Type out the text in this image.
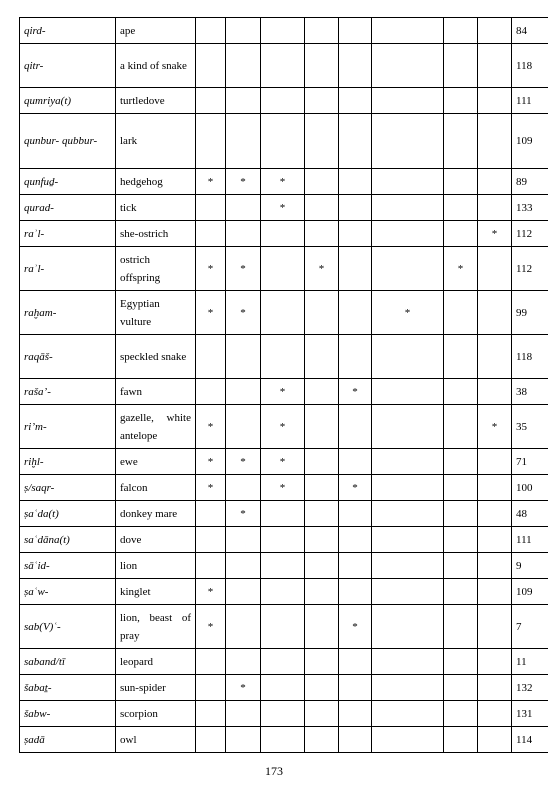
qird-	ape									84
qitr-	a kind of snake									118
qumriya(t)	turtledove									111
qunbur- qubbur-	lark									109
qunfuḏ-	hedgehog	*	*	*						89
qurad-	tick			*						133
raʾl-	she-ostrich								*	112
raʾl-	ostrich offspring	*	*		*			*		112
raḫam-	Egyptian vulture	*	*				*			99
raqāš-	speckled snake									118
raša’-	fawn			*		*				38
ri’m-	gazelle, white antelope	*		*					*	35
riḫl-	ewe	*	*	*						71
ṣ/saqr-	falcon	*		*		*				100
ṣaʿda(t)	donkey mare		*							48
saʿdāna(t)	dove									111
sāʿid-	lion									9
ṣaʿw-	kinglet	*								109
sab(V)ʿ-	lion, beast of pray	*				*				7
saband/tī	leopard									11
šabaṯ-	sun-spider		*							132
šabw-	scorpion									131
ṣadā	owl									114
173
